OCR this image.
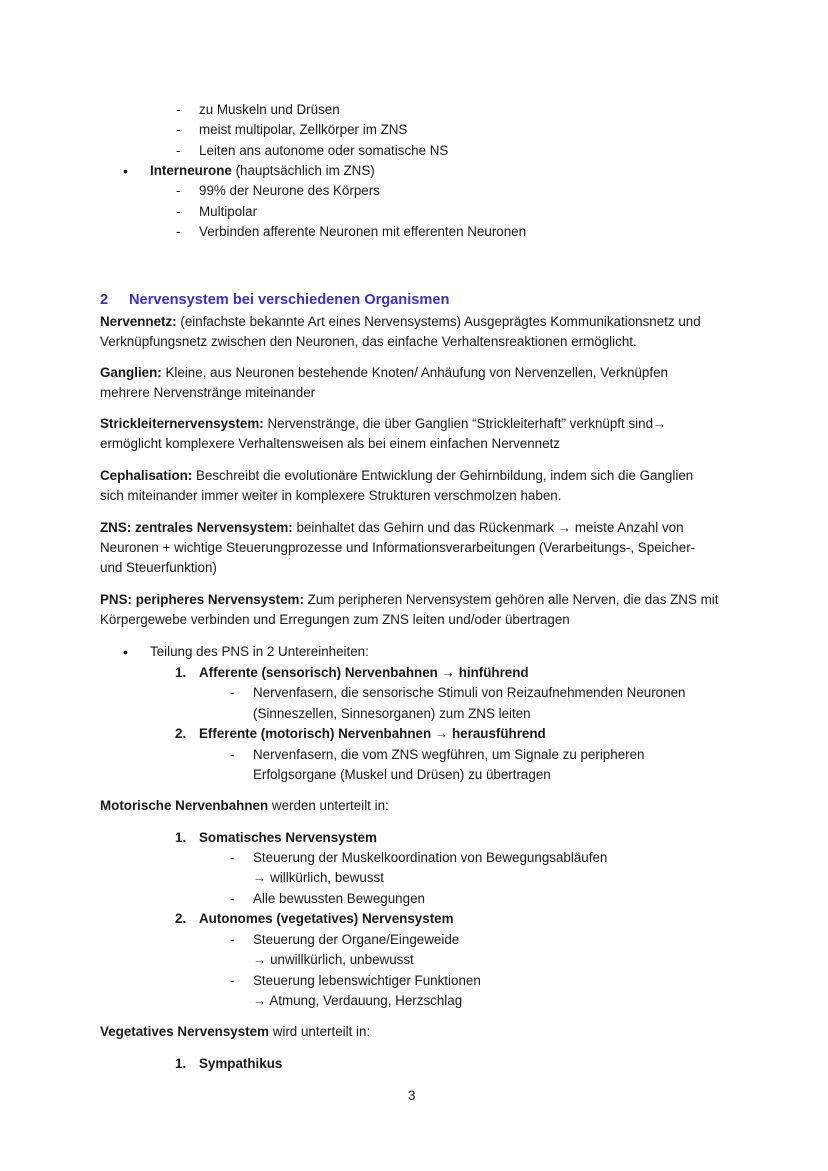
- zu Muskeln und Drüsen
- meist multipolar, Zellkörper im ZNS
- Leiten ans autonome oder somatische NS
• Interneurone (hauptsächlich im ZNS)
- 99% der Neurone des Körpers
- Multipolar
- Verbinden afferente Neuronen mit efferenten Neuronen
2 Nervensystem bei verschiedenen Organismen
Nervennetz: (einfachste bekannte Art eines Nervensystems) Ausgeprägtes Kommunikationsnetz und
Verknüpfungsnetz zwischen den Neuronen, das einfache Verhaltensreaktionen ermöglicht.
Ganglien: Kleine, aus Neuronen bestehende Knoten/ Anhäufung von Nervenzellen, Verknüpfen
mehrere Nervenstränge miteinander
Strickleiternervensystem: Nervenstränge, die über Ganglien “Strickleiterhaft” verknüpft sind→
ermöglicht komplexere Verhaltensweisen als bei einem einfachen Nervennetz
Cephalisation: Beschreibt die evolutionäre Entwicklung der Gehirnbildung, indem sich die Ganglien
sich miteinander immer weiter in komplexere Strukturen verschmolzen haben.
ZNS: zentrales Nervensystem: beinhaltet das Gehirn und das Rückenmark → meiste Anzahl von
Neuronen + wichtige Steuerungprozesse und Informationsverarbeitungen (Verarbeitungs-, Speicher-
und Steuerfunktion)
PNS: peripheres Nervensystem: Zum peripheren Nervensystem gehören alle Nerven, die das ZNS mit
Körpergewebe verbinden und Erregungen zum ZNS leiten und/oder übertragen
• Teilung des PNS in 2 Untereinheiten:
1. Afferente (sensorisch) Nervenbahnen → hinführend
- Nervenfasern, die sensorische Stimuli von Reizaufnehmenden Neuronen
(Sinneszellen, Sinnesorganen) zum ZNS leiten
2. Efferente (motorisch) Nervenbahnen → herausführend
- Nervenfasern, die vom ZNS wegführen, um Signale zu peripheren
Erfolgsorgane (Muskel und Drüsen) zu übertragen
Motorische Nervenbahnen werden unterteilt in:
1. Somatisches Nervensystem
- Steuerung der Muskelkoordination von Bewegungsabläufen
→ willkürlich, bewusst
- Alle bewussten Bewegungen
2. Autonomes (vegetatives) Nervensystem
- Steuerung der Organe/Eingeweide
→ unwillkürlich, unbewusst
- Steuerung lebenswichtiger Funktionen
→ Atmung, Verdauung, Herzschlag
Vegetatives Nervensystem wird unterteilt in:
1. Sympathikus
3
